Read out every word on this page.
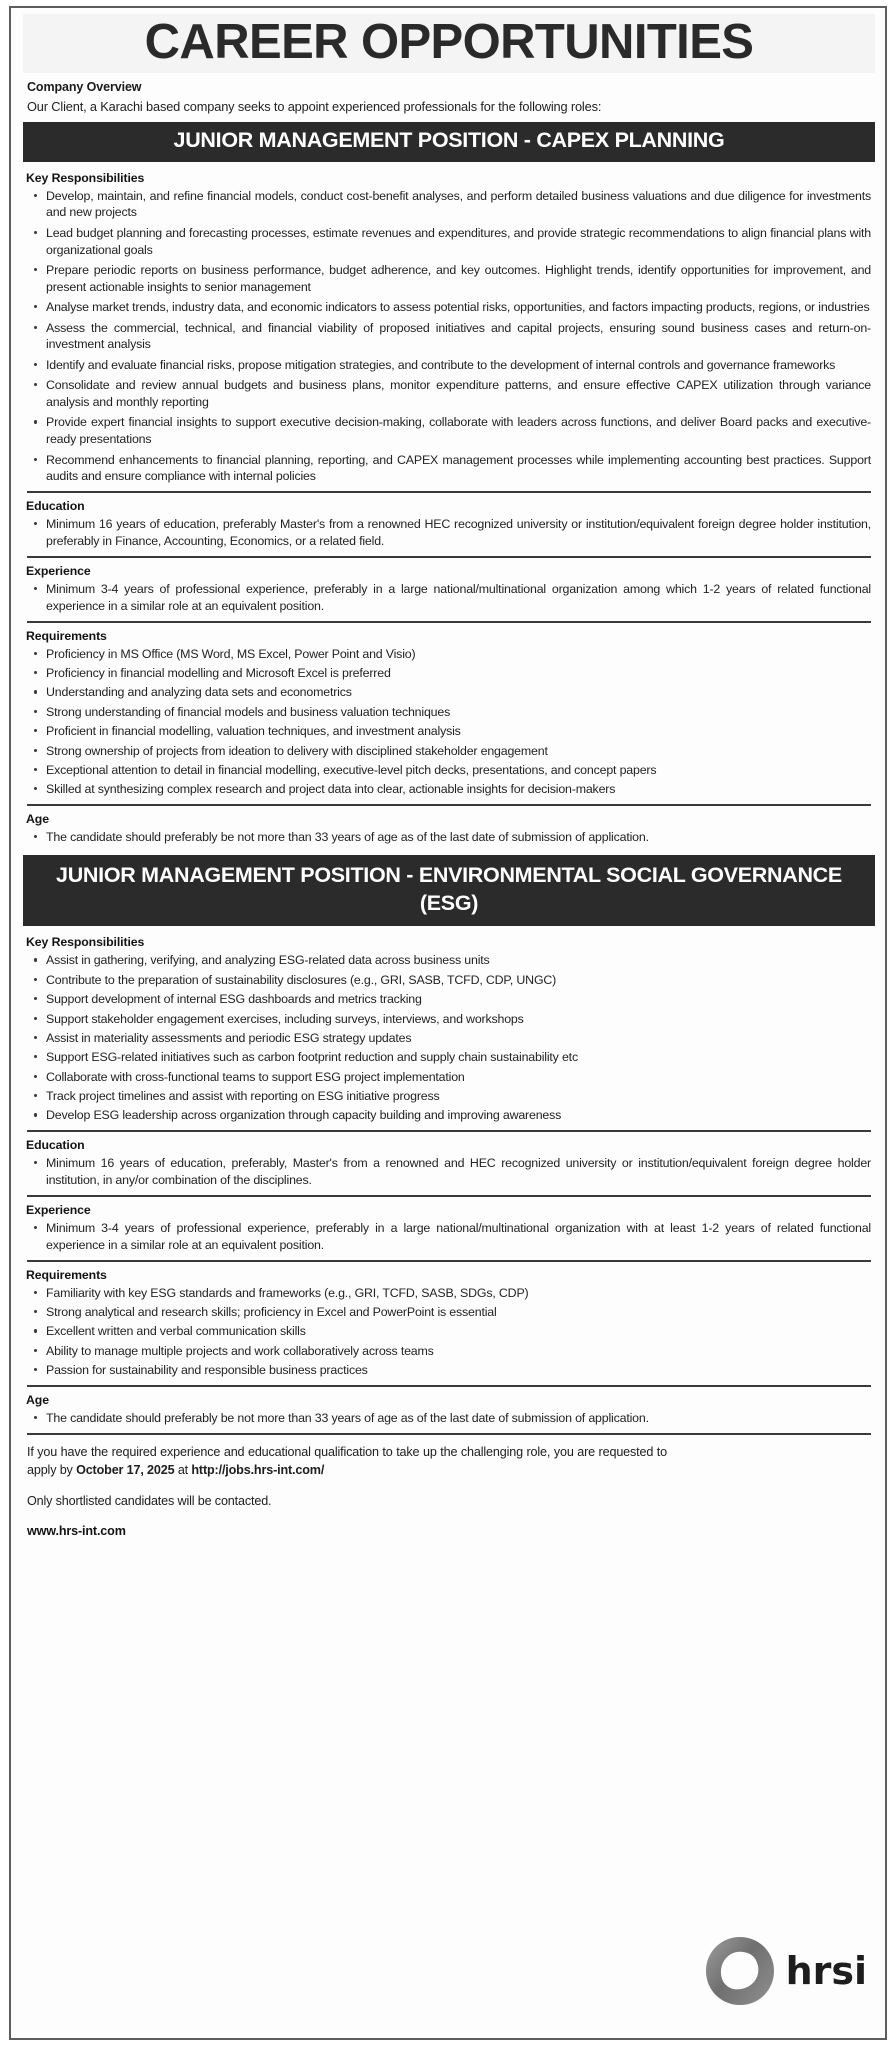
CAREER OPPORTUNITIES
Company Overview
Our Client, a Karachi based company seeks to appoint experienced professionals for the following roles:
JUNIOR MANAGEMENT POSITION - CAPEX PLANNING
Key Responsibilities
Develop, maintain, and refine financial models, conduct cost-benefit analyses, and perform detailed business valuations and due diligence for investments and new projects
Lead budget planning and forecasting processes, estimate revenues and expenditures, and provide strategic recommendations to align financial plans with organizational goals
Prepare periodic reports on business performance, budget adherence, and key outcomes. Highlight trends, identify opportunities for improvement, and present actionable insights to senior management
Analyse market trends, industry data, and economic indicators to assess potential risks, opportunities, and factors impacting products, regions, or industries
Assess the commercial, technical, and financial viability of proposed initiatives and capital projects, ensuring sound business cases and return-on-investment analysis
Identify and evaluate financial risks, propose mitigation strategies, and contribute to the development of internal controls and governance frameworks
Consolidate and review annual budgets and business plans, monitor expenditure patterns, and ensure effective CAPEX utilization through variance analysis and monthly reporting
Provide expert financial insights to support executive decision-making, collaborate with leaders across functions, and deliver Board packs and executive-ready presentations
Recommend enhancements to financial planning, reporting, and CAPEX management processes while implementing accounting best practices. Support audits and ensure compliance with internal policies
Education
Minimum 16 years of education, preferably Master's from a renowned HEC recognized university or institution/equivalent foreign degree holder institution, preferably in Finance, Accounting, Economics, or a related field.
Experience
Minimum 3-4 years of professional experience, preferably in a large national/multinational organization among which 1-2 years of related functional experience in a similar role at an equivalent position.
Requirements
Proficiency in MS Office (MS Word, MS Excel, Power Point and Visio)
Proficiency in financial modelling and Microsoft Excel is preferred
Understanding and analyzing data sets and econometrics
Strong understanding of financial models and business valuation techniques
Proficient in financial modelling, valuation techniques, and investment analysis
Strong ownership of projects from ideation to delivery with disciplined stakeholder engagement
Exceptional attention to detail in financial modelling, executive-level pitch decks, presentations, and concept papers
Skilled at synthesizing complex research and project data into clear, actionable insights for decision-makers
Age
The candidate should preferably be not more than 33 years of age as of the last date of submission of application.
JUNIOR MANAGEMENT POSITION - ENVIRONMENTAL SOCIAL GOVERNANCE (ESG)
Key Responsibilities
Assist in gathering, verifying, and analyzing ESG-related data across business units
Contribute to the preparation of sustainability disclosures (e.g., GRI, SASB, TCFD, CDP, UNGC)
Support development of internal ESG dashboards and metrics tracking
Support stakeholder engagement exercises, including surveys, interviews, and workshops
Assist in materiality assessments and periodic ESG strategy updates
Support ESG-related initiatives such as carbon footprint reduction and supply chain sustainability etc
Collaborate with cross-functional teams to support ESG project implementation
Track project timelines and assist with reporting on ESG initiative progress
Develop ESG leadership across organization through capacity building and improving awareness
Education
Minimum 16 years of education, preferably, Master's from a renowned and HEC recognized university or institution/equivalent foreign degree holder institution, in any/or combination of the disciplines.
Experience
Minimum 3-4 years of professional experience, preferably in a large national/multinational organization with at least 1-2 years of related functional experience in a similar role at an equivalent position.
Requirements
Familiarity with key ESG standards and frameworks (e.g., GRI, TCFD, SASB, SDGs, CDP)
Strong analytical and research skills; proficiency in Excel and PowerPoint is essential
Excellent written and verbal communication skills
Ability to manage multiple projects and work collaboratively across teams
Passion for sustainability and responsible business practices
Age
The candidate should preferably be not more than 33 years of age as of the last date of submission of application.
If you have the required experience and educational qualification to take up the challenging role, you are requested to apply by October 17, 2025 at http://jobs.hrs-int.com/
Only shortlisted candidates will be contacted.
www.hrs-int.com
hrsi
